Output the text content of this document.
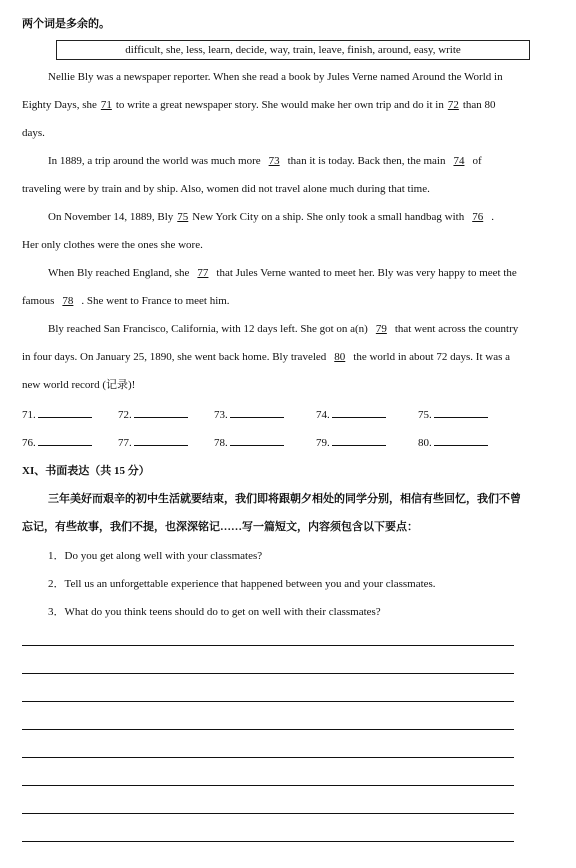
两个词是多余的。
difficult, she, less, learn, decide, way, train, leave, finish, around, easy, write
Nellie Bly was a newspaper reporter. When she read a book by Jules Verne named Around the World in
Eighty Days, she 71 to write a great newspaper story. She would make her own trip and do it in 72 than 80
days.
In 1889, a trip around the world was much more 73 than it is today. Back then, the main 74 of
traveling were by train and by ship. Also, women did not travel alone much during that time.
On November 14, 1889, Bly 75 New York City on a ship. She only took a small handbag with 76 .
Her only clothes were the ones she wore.
When Bly reached England, she 77 that Jules Verne wanted to meet her. Bly was very happy to meet the
famous 78 . She went to France to meet him.
Bly reached San Francisco, California, with 12 days left. She got on a(n) 79 that went across the country
in four days. On January 25, 1890, she went back home. Bly traveled 80 the world in about 72 days. It was a
new world record (记录)!
71.	72.	73.	74.	75.
76.	77.	78.	79.	80.
XI、书面表达（共 15 分）
三年美好而艰辛的初中生活就要结束，我们即将跟朝夕相处的同学分别，相信有些回忆，我们不曾
忘记，有些故事，我们不提，也深深铭记……写一篇短文，内容须包含以下要点：
1．Do you get along well with your classmates?
2．Tell us an unforgettable experience that happened between you and your classmates.
3．What do you think teens should do to get on well with their classmates?
